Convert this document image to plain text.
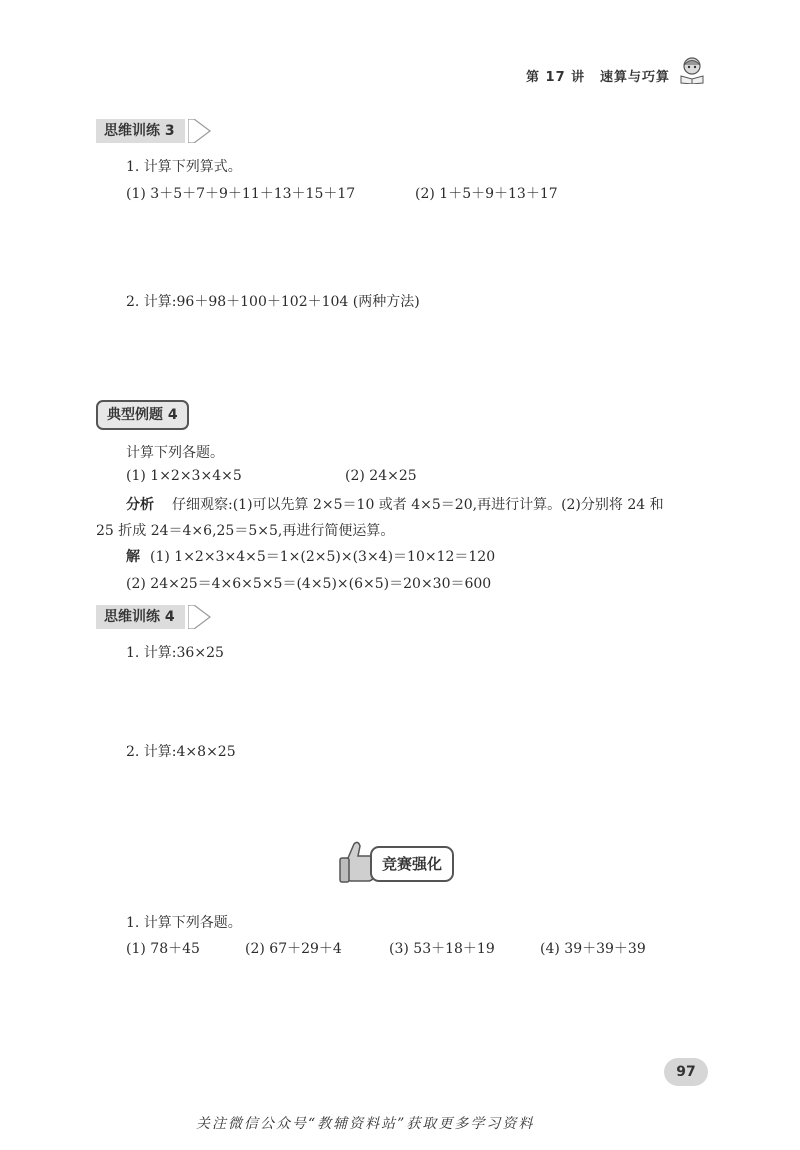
第 17 讲 速算与巧算
思维训练 3
1. 计算下列算式。
(1) 3＋5＋7＋9＋11＋13＋15＋17	(2) 1＋5＋9＋13＋17
2. 计算:96＋98＋100＋102＋104 (两种方法)
典型例题 4
计算下列各题。
(1) 1×2×3×4×5	(2) 24×25
分析 仔细观察:(1)可以先算 2×5＝10 或者 4×5＝20,再进行计算。(2)分别将 24 和
25 折成 24＝4×6,25＝5×5,再进行简便运算。
解 (1) 1×2×3×4×5＝1×(2×5)×(3×4)＝10×12＝120
(2) 24×25＝4×6×5×5＝(4×5)×(6×5)＝20×30＝600
思维训练 4
1. 计算:36×25
2. 计算:4×8×25
竞赛强化
1. 计算下列各题。
(1) 78＋45	(2) 67＋29＋4	(3) 53＋18＋19	(4) 39＋39＋39
97
关注微信公众号“教辅资料站”获取更多学习资料
